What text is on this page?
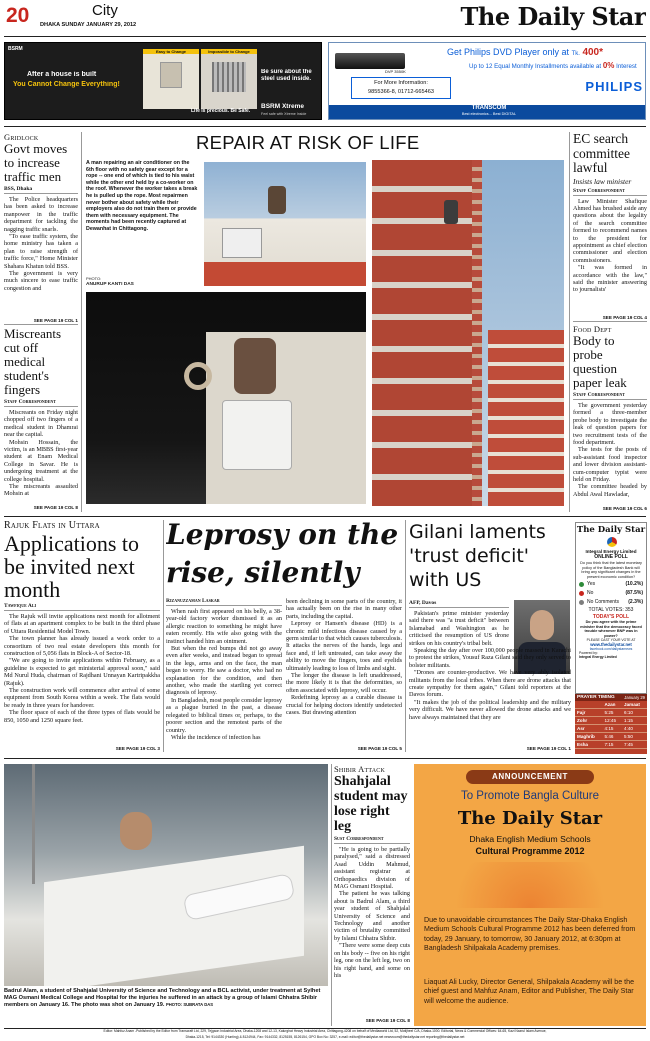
20	City
DHAKA SUNDAY JANUARY 29, 2012	The Daily Star
BSRM
After a house is built
You Cannot Change Everything!
Easy to Change	Impossible to Change
Be sure about the steel used inside.
Life is precious. Be Safe.
BSRM Xtreme
Feel safe with Xtreme Inside
DVP 3550K
Get Philips DVD Player only at Tk. 400*
Up to 12 Equal Monthly Installments available at 0% Interest
For More Information:
9855366-8, 01712-665463	PHILIPS
TRANSCOM
Best electronics... Best DIGITAL
Gridlock
Govt moves to increase traffic men
BSS, Dhaka

The Police headquarters has been asked to increase manpower in the traffic department for tackling the nagging traffic snarls.

"To ease traffic system, the home ministry has taken a plan to raise strength of traffic force," Home Minister Shahara Khatun told BSS.

The government is very much sincere to ease traffic congestion and

SEE PAGE 19 COL 1
Miscreants cut off medical student's fingers
Staff Correspondent

Miscreants on Friday night chopped off two fingers of a medical student in Dhamrai near the capital.

Mohsin Hossain, the victim, is an MBBS first-year student at Enam Medical College in Savar. He is undergoing treatment at the college hospital.

The miscreants assaulted Mohsin at

SEE PAGE 19 COL 8
REPAIR AT RISK OF LIFE
A man repairing an air conditioner on the 6th floor with no safety gear except for a rope -- one end of which is tied to his waist while the other end held by a co-worker on the roof. Whenever the worker takes a break he is pulled up the rope. Most repairmen never bother about safety while their employers also do not train them or provide them with necessary equipment. The moments had been recently captured at Dewanhat in Chittagong.
PHOTO:
ANURUP KANTI DAS
EC search committee lawful
Insists law minister
Staff Correspondent

Law Minister Shafique Ahmed has brushed aside any questions about the legality of the search committee formed to recommend names to the president for appointment as chief election commissioner and election commissioners.

"It was formed in accordance with the law," said the minister answering to journalists'

SEE PAGE 19 COL 4
Food Dept
Body to probe question paper leak
Staff Correspondent

The government yesterday formed a three-member probe body to investigate the leak of question papers for two recruitment tests of the food department.

The tests for the posts of sub-assistant food inspector and lower division assistant-cum-computer typist were held on Friday.

The committee headed by Abdul Awal Hawladar,

SEE PAGE 19 COL 6
Rajuk Flats in Uttara
Applications to be invited next month
Tawfique Ali

The Rajuk will invite applications next month for allotment of flats at an apartment complex to be built in the third phase of Uttara Residential Model Town.

The town planner has already issued a work order to a consortium of two real estate developers this month for construction of 5,056 flats in Block-A of Sector-18.

"We are going to invite applications within February, as a guideline is expected to get ministerial approval soon," said Md Nurul Huda, chairman of Rajdhani Unnayan Kartripakkha (Rajuk).

The construction work will commence after arrival of some equipment from South Korea within a week. The flats would be ready in three years for handover.

The floor space of each of the three types of flats would be 850, 1050 and 1250 square feet.

SEE PAGE 19 COL 3
Leprosy on the
rise, silently
Rizanuzzaman Laskar

When rash first appeared on his belly, a 38-year-old factory worker dismissed it as an allergic reaction to something he might have eaten recently. His wife also going with the instinct handed him an ointment.

But when the red bumps did not go away even after weeks, and instead began to spread in the legs, arms and on the face, the man began to worry. He saw a doctor, who had no explanation for the condition, and then another, who made the startling yet correct diagnosis of leprosy.

In Bangladesh, most people consider leprosy as a plague buried in the past, a disease relegated to biblical times or, perhaps, to the poorer section and the remotest parts of the country.

While the incidence of infection has

been declining in some parts of the country, it has actually been on the rise in many other parts, including the capital.

Leprosy or Hansen's disease (HD) is a chronic mild infectious disease caused by a germ similar to that which causes tuberculosis. It attacks the nerves of the hands, legs and face and, if left untreated, can take away the ability to move the fingers, toes and eyelids ultimately leading to loss of limbs and sight.

The longer the disease is left unaddressed, the more likely it is that the deformities, so often associated with leprosy, will occur.

Redefining leprosy as a curable disease is crucial for helping doctors identify undetected cases. But drawing attention

SEE PAGE 19 COL 5
Gilani laments 'trust deficit' with US
AFP, Davos

Pakistan's prime minister yesterday said there was "a trust deficit" between Islamabad and Washington as he criticised the resumption of US drone strikes on his country's tribal belt.

Speaking the day after over 100,000 people massed in Karachi to protest the strikes, Yousuf Raza Gilani said they only served to bolster militants.

"Drones are counter-productive. We have very ably isolated militants from the local tribes. When there are drone attacks that create sympathy for them again," Gilani told reporters at the Davos forum.

"It makes the job of the political leadership and the military very difficult. We have never allowed the drone attacks and we have always maintained that they are

SEE PAGE 19 COL 1
The Daily Star
Integral Energy Limited
ONLINE POLL
Do you think that the latest monetary policy of the Bangladesh Bank will bring any significant changes in the present economic condition?
Yes	(10.2%)
No	(87.5%)
No Comments (2.3%)
TOTAL VOTES:
353
TODAY'S POLL
Do you agree with the prime minister that the democracy faced trouble whenever BNP was in power?
PLEASE CAST YOUR VOTE AT
www.thedailystar.net
facebook.com/dailystarnews
Powered by:
Integral Energy Limited
PRAYER TIMING January 29
	Azan	Jamaat
Fajr	5:25	6:10
Zohr	12:45	1:15
Asr	4:15	4:40
Maghrib	5:46	5:50
Esha	7:15	7:45
Badrul Alam, a student of Shahjalal University of Science and Technology and a BCL activist, under treatment at Sylhet MAG Osmani Medical College and Hospital for the injuries he suffered in an attack by a group of Islami Chhatra Shibir members on January 16. The photo was shot on January 19. PHOTO: SUBRATA DAS
Shibir Attack
Shahjalal student may lose right leg
Sust Correspondent

"He is going to be partially paralysed," said a distressed Asad Uddin Mahmud, assistant registrar at Orthopaedics division of MAG Osmani Hospital.

The patient he was talking about is Badrul Alam, a third year student of Shahjalal University of Science and Technology and another victim of brutality committed by Islami Chhatra Shibir.

"There were some deep cuts on his body -- five on his right leg, one on the left leg, two on his right hand, and some on his

SEE PAGE 19 COL 8
ANNOUNCEMENT
To Promote Bangla Culture
The Daily Star
Dhaka English Medium Schools
Cultural Programme 2012
Due to unavoidable circumstances The Daily Star-Dhaka English Medium Schools Cultural Programme 2012 has been deferred from today, 29 January, to tomorrow, 30 January 2012, at 6:30pm at Bangladesh Shilpakala Academy premises.
Liaquat Ali Lucky, Director General, Shilpakala Academy will be the chief guest and Mahfuz Anam, Editor and Publisher, The Daily Star will welcome the audience.
Editor: Mahfuz Anam -Published by the Editor from Transcraft Ltd, 229, Tejgaon Industrial Area, Dhaka-1208 and 12-13, Kalurghat Heavy Industrial Area, Chittagong-4208 on behalf of Mediaworld Ltd, 52, Motijheel C/A, Dhaka-1000. Editorial, News & Commercial Offices: 64-65, Kazi Nazrul Islam Avenue,
Dhaka-1215, Tel: 9144330 (Hunting) & 8124944, Fax: 9144332, 8125155, 8126154, GPO Box No: 3257, e-mail: editor@thedailystar.net newsroom@thedailystar.net reporting@thedailystar.net
